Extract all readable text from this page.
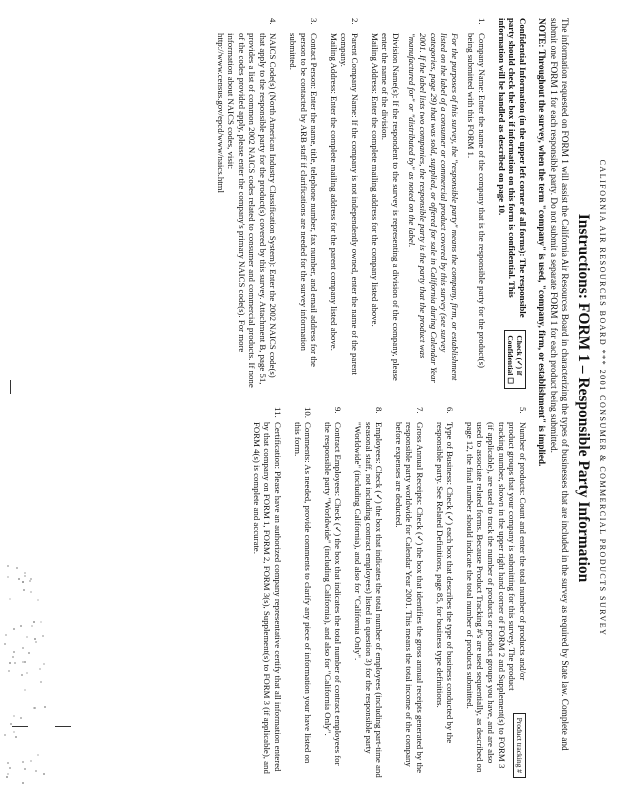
CALIFORNIA AIR RESOURCES BOARD *** 2001 CONSUMER & COMMERCIAL PRODUCTS SURVEY
Instructions: FORM 1 – Responsible Party Information
The information requested on FORM 1 will assist the California Air Resources Board in characterizing the types of businesses that are included in the survey as required by State law. Complete and submit one FORM 1 for each responsible party. Do not submit a separate FORM 1 for each product being submitted.
NOTE: Throughout the survey, when the term "company" is used, "company, firm, or establishment" is implied.
Check (✓) if
Confidential ☐
Confidential Information (in the upper left corner of all forms): The responsible party should check the box if information on this form is confidential. This information will be handled as described on page 10.
1.
Company Name: Enter the name of the company that is the responsible party for the product(s) being submitted with this FORM 1.
For the purposes of this survey, the "responsible party" means the company, firm, or establishment listed on the label of a consumer or commercial product covered by this survey (see survey categories, page 29) that was sold, supplied, or offered for sale in California during Calendar Year 2001. If the label lists two companies, the responsible party is the party that the product was "manufactured for" or "distributed by" as noted on the label.
Division Name(s): If the respondent to the survey is representing a division of the company, please enter the name of the division.
Mailing Address: Enter the complete mailing address for the company listed above.
2.
Parent Company Name: If the company is not independently owned, enter the name of the parent company.
Mailing Address: Enter the complete mailing address for the parent company listed above.
3.
Contact Person: Enter the name, title, telephone number, fax number, and email address for the person to be contacted by ARB staff if clarifications are needed for the survey information submitted.
4.
NAICS Code(s) (North American Industry Classification System): Enter the 2002 NAICS code(s) that apply to the responsible party for the product(s) covered by this survey. Attachment B, page 51, provides a list of common 2002 NAICS codes related to consumer and commercial products. If none of the codes provided apply, please enter the company's primary NAICS code(s). For more information about NAICS codes, visit:
http://www.census.gov/epcd/www/naics.html
5.
Product tracking #
Number of products: Count and enter the total number of products and/or product groups that your company is submitting for this survey. The product tracking number, shown in the upper right hand corner of FORM 2 and Supplement(s) to FORM 3 (if applicable), are used to track the number of products or product groups you have, and are also used to associate related forms. Because Product Tracking #'s are used sequentially, as described on page 12, the final number should indicate the total number of products submitted.
6.
Type of Business: Check (✓) each box that describes the type of business conducted by the responsible party. See Related Definitions, page 85, for business type definitions.
7.
Gross Annual Receipts: Check (✓) the box that identifies the gross annual receipts generated by the responsible party worldwide for Calendar Year 2001. This means the total income of the company before expenses are deducted.
8.
Employees: Check (✓) the box that indicates the total number of employees (including part-time and seasonal staff, not including contract employees) listed in question 3) for the responsible party "Worldwide" (including California), and also for "California Only".
9.
Contract Employees: Check (✓) the box that indicates the total number of contract employees for the responsible party "Worldwide" (including California), and also for "California Only".
10.
Comments: As needed, provide comments to clarify any piece of information your have listed on this form.
11.
Certification: Please have an authorized company representative certify that all information entered by that company on FORM 1, FORM 2, FORM 3(s), Supplement(s) to FORM 3 (if applicable), and FORM 4(s) is complete and accurate.
